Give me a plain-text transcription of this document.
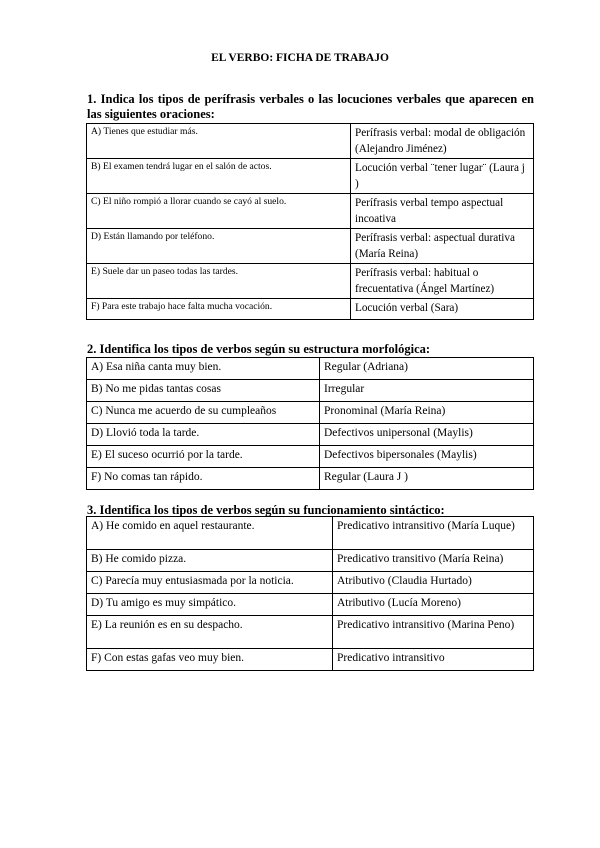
EL VERBO: FICHA DE TRABAJO
1. Indica los tipos de perífrasis verbales o las locuciones verbales que aparecen en las siguientes oraciones:
A) Tienes que estudiar más.	Perífrasis verbal: modal de obligación (Alejandro Jiménez)
B) El examen tendrá lugar en el salón de actos.	Locución verbal ¨tener lugar¨ (Laura j )
C) El niño rompió a llorar cuando se cayó al suelo.	Perífrasis verbal tempo aspectual incoativa
D) Están llamando por teléfono.	Perífrasis verbal: aspectual durativa (María Reina)
E) Suele dar un paseo todas las tardes.	Perífrasis verbal: habitual o frecuentativa (Ángel Martínez)
F) Para este trabajo hace falta mucha vocación.	Locución verbal (Sara)
2. Identifica los tipos de verbos según su estructura morfológica:
A) Esa niña canta muy bien.	Regular (Adriana)
B) No me pidas tantas cosas	Irregular
C) Nunca me acuerdo de su cumpleaños	Pronominal (María Reina)
D) Llovió toda la tarde.	Defectivos unipersonal (Maylis)
E) El suceso ocurrió por la tarde.	Defectivos bipersonales (Maylis)
F) No comas tan rápido.	Regular (Laura J )
3. Identifica los tipos de verbos según su funcionamiento sintáctico:
A) He comido en aquel restaurante.	Predicativo intransitivo (María Luque)
B) He comido pizza.	Predicativo transitivo (María Reina)
C) Parecía muy entusiasmada por la noticia.	Atributivo (Claudia Hurtado)
D) Tu amigo es muy simpático.	Atributivo (Lucía Moreno)
E) La reunión es en su despacho.	Predicativo intransitivo (Marina Peno)
F) Con estas gafas veo muy bien.	Predicativo intransitivo
